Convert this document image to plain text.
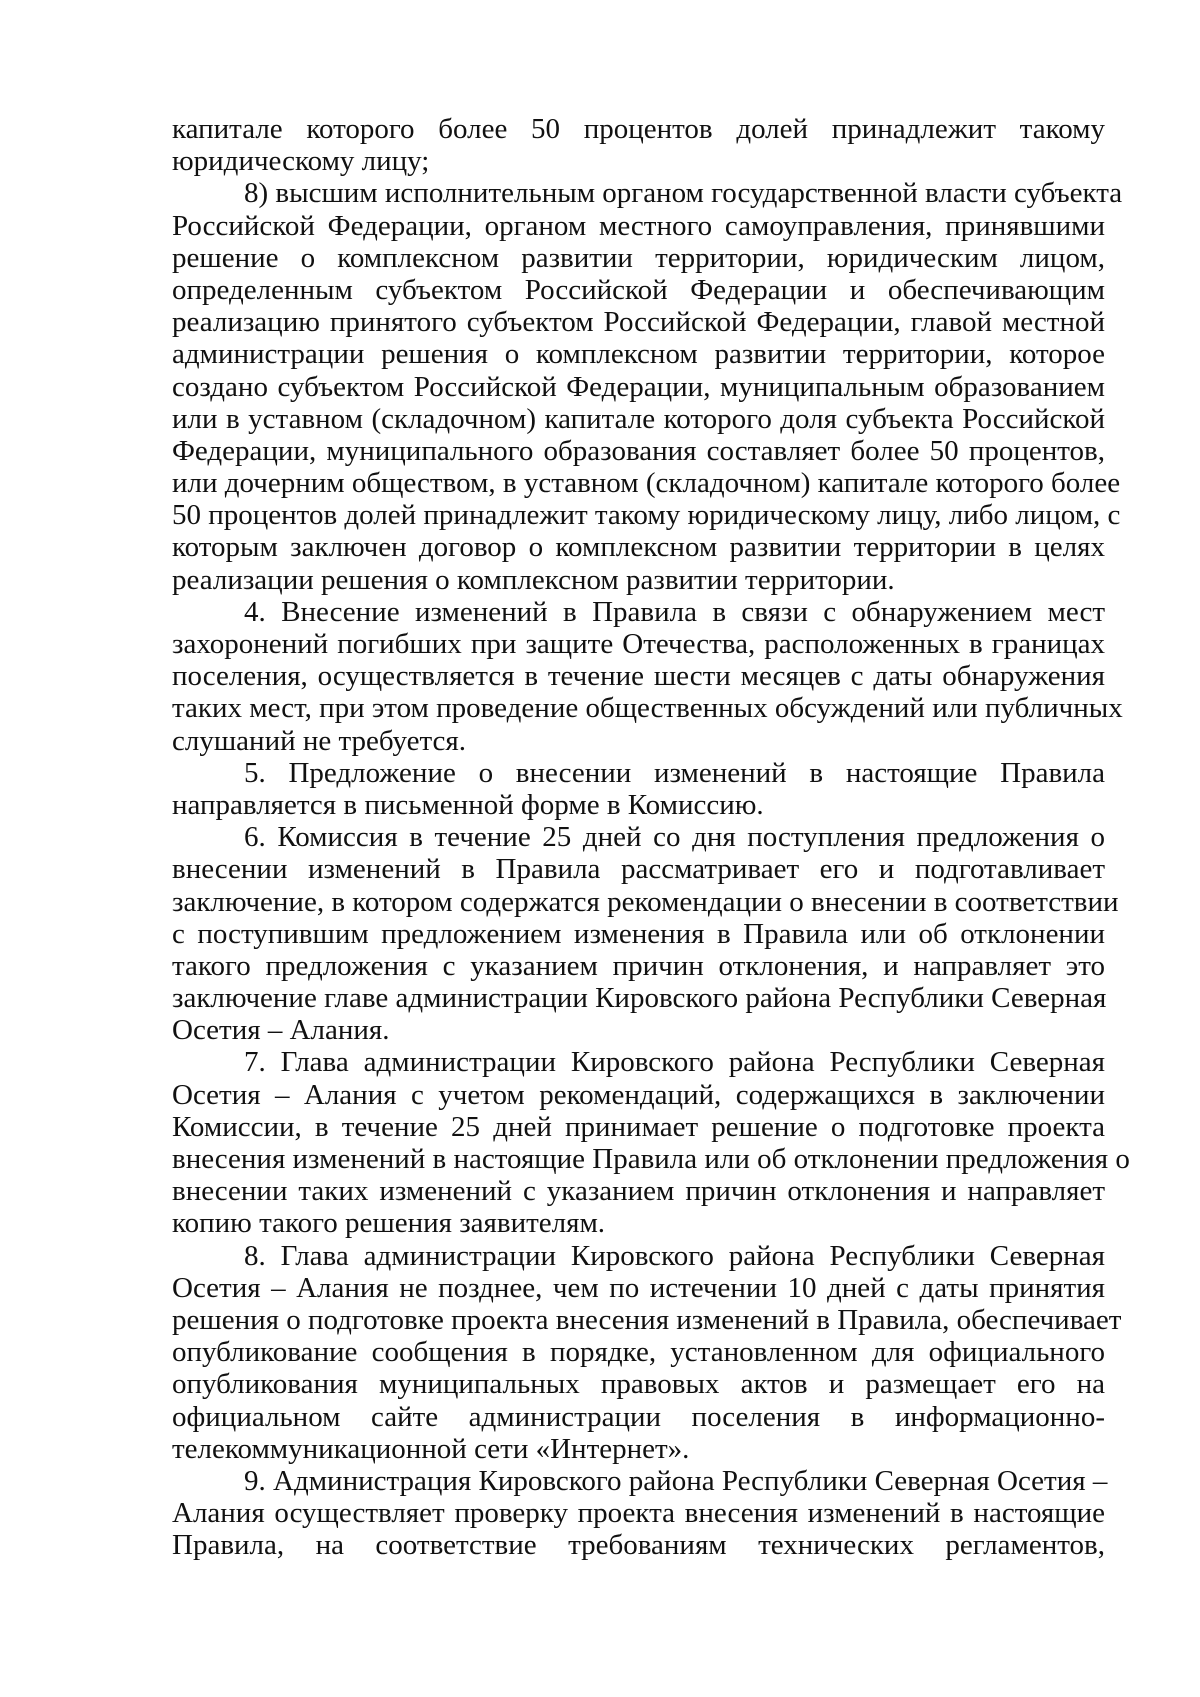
капитале которого более 50 процентов долей принадлежит такому
юридическому лицу;
8) высшим исполнительным органом государственной власти субъекта
Российской Федерации, органом местного самоуправления, принявшими
решение о комплексном развитии территории, юридическим лицом,
определенным субъектом Российской Федерации и обеспечивающим
реализацию принятого субъектом Российской Федерации, главой местной
администрации решения о комплексном развитии территории, которое
создано субъектом Российской Федерации, муниципальным образованием
или в уставном (складочном) капитале которого доля субъекта Российской
Федерации, муниципального образования составляет более 50 процентов,
или дочерним обществом, в уставном (складочном) капитале которого более
50 процентов долей принадлежит такому юридическому лицу, либо лицом, с
которым заключен договор о комплексном развитии территории в целях
реализации решения о комплексном развитии территории.
4. Внесение изменений в Правила в связи с обнаружением мест
захоронений погибших при защите Отечества, расположенных в границах
поселения, осуществляется в течение шести месяцев с даты обнаружения
таких мест, при этом проведение общественных обсуждений или публичных
слушаний не требуется.
5. Предложение о внесении изменений в настоящие Правила
направляется в письменной форме в Комиссию.
6. Комиссия в течение 25 дней со дня поступления предложения о
внесении изменений в Правила рассматривает его и подготавливает
заключение, в котором содержатся рекомендации о внесении в соответствии
с поступившим предложением изменения в Правила или об отклонении
такого предложения с указанием причин отклонения, и направляет это
заключение главе администрации Кировского района Республики Северная
Осетия – Алания.
7. Глава администрации Кировского района Республики Северная
Осетия – Алания с учетом рекомендаций, содержащихся в заключении
Комиссии, в течение 25 дней принимает решение о подготовке проекта
внесения изменений в настоящие Правила или об отклонении предложения о
внесении таких изменений с указанием причин отклонения и направляет
копию такого решения заявителям.
8. Глава администрации Кировского района Республики Северная
Осетия – Алания не позднее, чем по истечении 10 дней с даты принятия
решения о подготовке проекта внесения изменений в Правила, обеспечивает
опубликование сообщения в порядке, установленном для официального
опубликования муниципальных правовых актов и размещает его на
официальном сайте администрации поселения в информационно-
телекоммуникационной сети «Интернет».
9. Администрация Кировского района Республики Северная Осетия –
Алания осуществляет проверку проекта внесения изменений в настоящие
Правила, на соответствие требованиям технических регламентов,
